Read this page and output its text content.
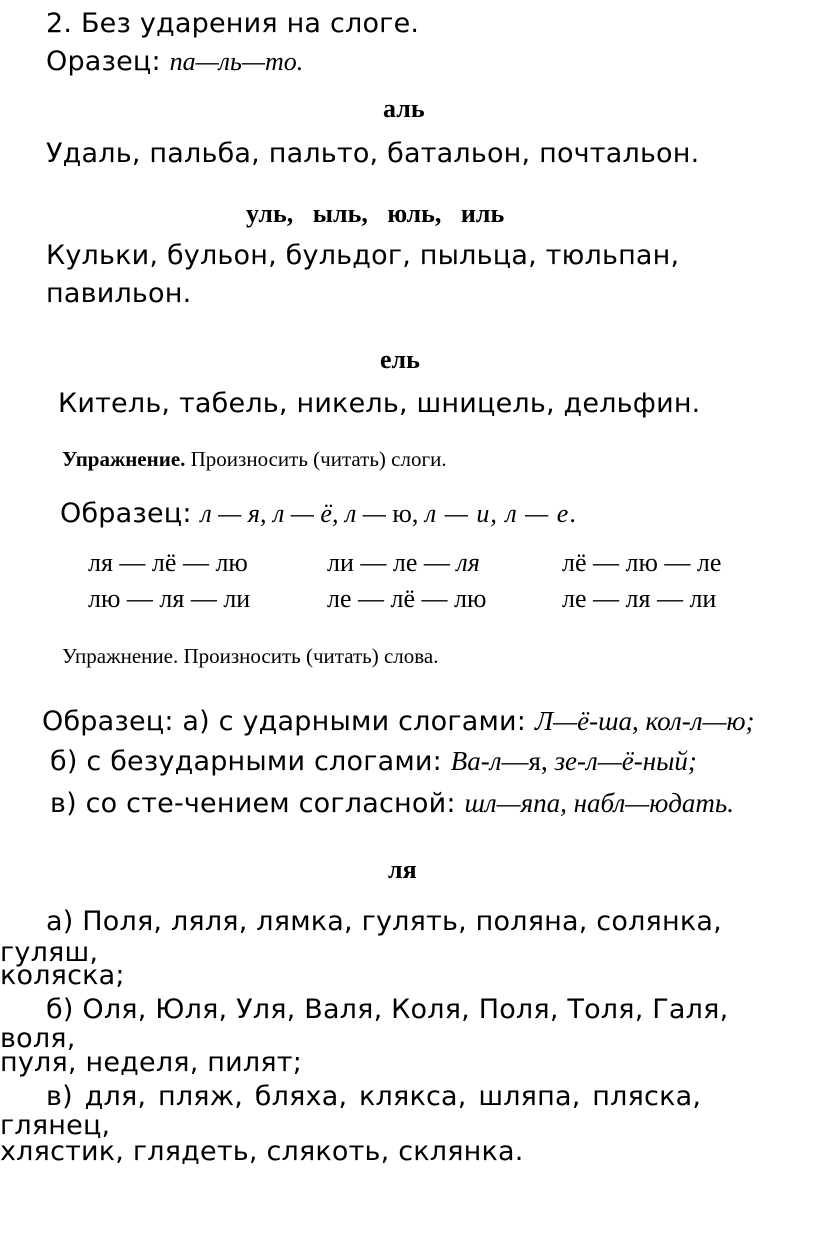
2. Без ударения на слоге.
Оразец: па—ль—то.
аль
Удаль, пальба, пальто, батальон, почтальон.
уль,   ыль,   юль,   иль
Кульки, бульон, бульдог, пыльца, тюльпан,
павильон.
ель
Китель, табель, никель, шницель, дельфин.
Упражнение. Произносить (читать) слоги.
Образец: л — я, л — ё, л — ю, л — и, л — е.
ля — лё — лю	ли — ле — ля	лё — лю — ле
лю — ля — ли	ле — лё — лю	ле — ля — ли
Упражнение. Произносить (читать) слова.
Образец: а) с ударными слогами: Л—ё-ша, кол-л—ю;
б) с безударными слогами: Ва-л—я, зе-л—ё-ный;
в) со сте-чением согласной: шл—япа, набл—юдать.
ля
а) Поля, ляля, лямка, гулять, поляна, солянка,
гуляш,
коляска;
б) Оля, Юля, Уля, Валя, Коля, Поля, Толя, Галя,
воля,
пуля, неделя, пилят;
в) для, пляж, бляха, клякса, шляпа, пляска,
глянец,
хлястик, глядеть, слякоть, склянка.
